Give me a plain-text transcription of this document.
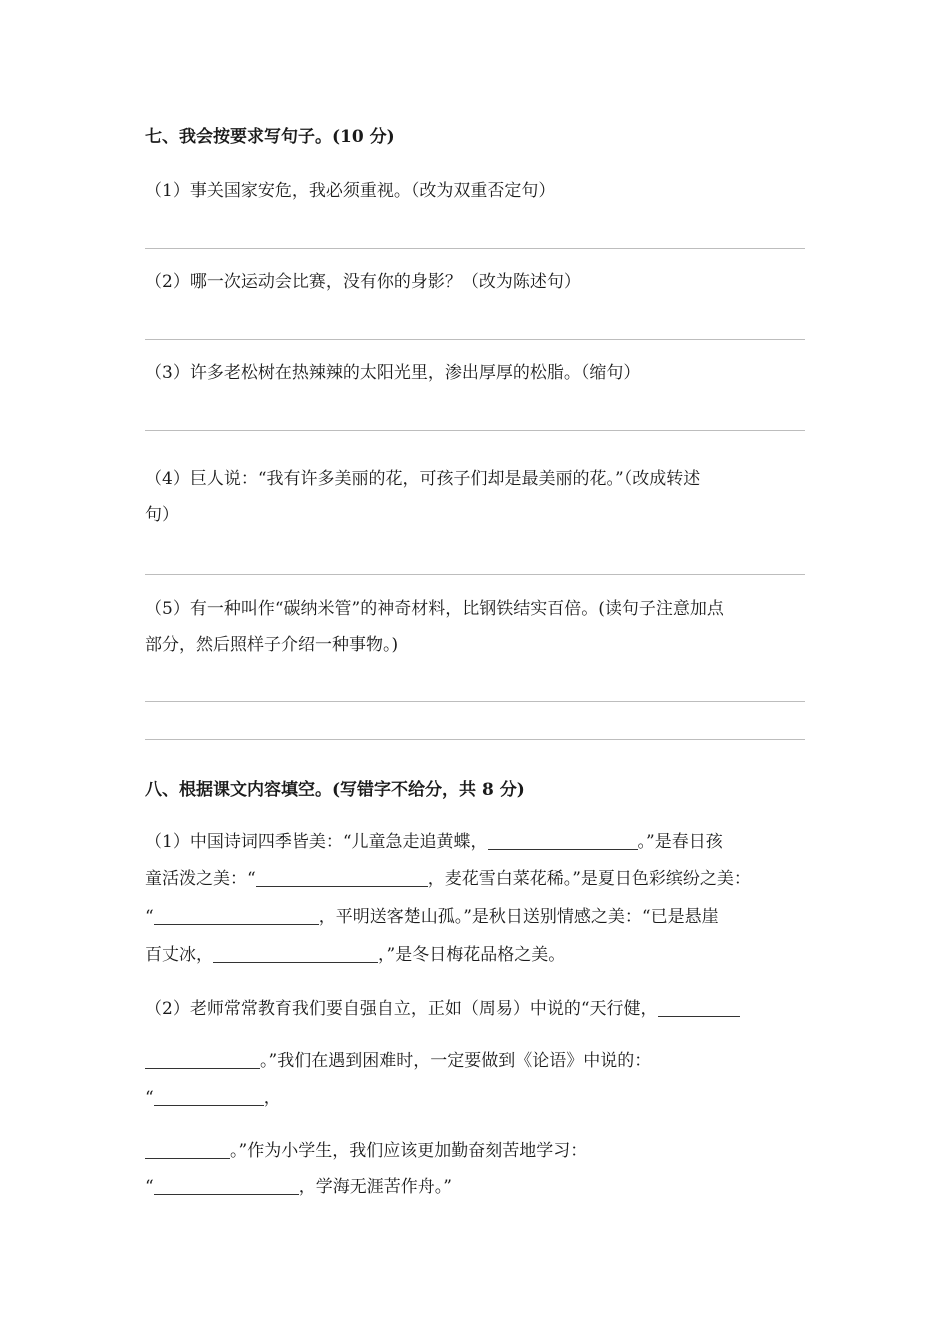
七、我会按要求写句子。(10 分)
（1）事关国家安危，我必须重视。（改为双重否定句）
（2）哪一次运动会比赛，没有你的身影？（改为陈述句）
（3）许多老松树在热辣辣的太阳光里，渗出厚厚的松脂。（缩句）
（4）巨人说：“我有许多美丽的花，可孩子们却是最美丽的花。”（改成转述
句）
（5）有一种叫作“碳纳米管”的神奇材料，比钢铁结实百倍。(读句子注意加点
部分，然后照样子介绍一种事物。)
八、根据课文内容填空。(写错字不给分，共 8 分)
（1）中国诗词四季皆美：“儿童急走追黄蝶，	。”是春日孩
童活泼之美：“	，麦花雪白菜花稀。”是夏日色彩缤纷之美：
“	，平明送客楚山孤。”是秋日送别情感之美：“已是悬崖
百丈冰，	，”是冬日梅花品格之美。
（2）老师常常教育我们要自强自立，正如（周易）中说的“天行健，
。”我们在遇到困难时，一定要做到《论语》中说的：
“	，
。”作为小学生，我们应该更加勤奋刻苦地学习：
“	，学海无涯苦作舟。”
